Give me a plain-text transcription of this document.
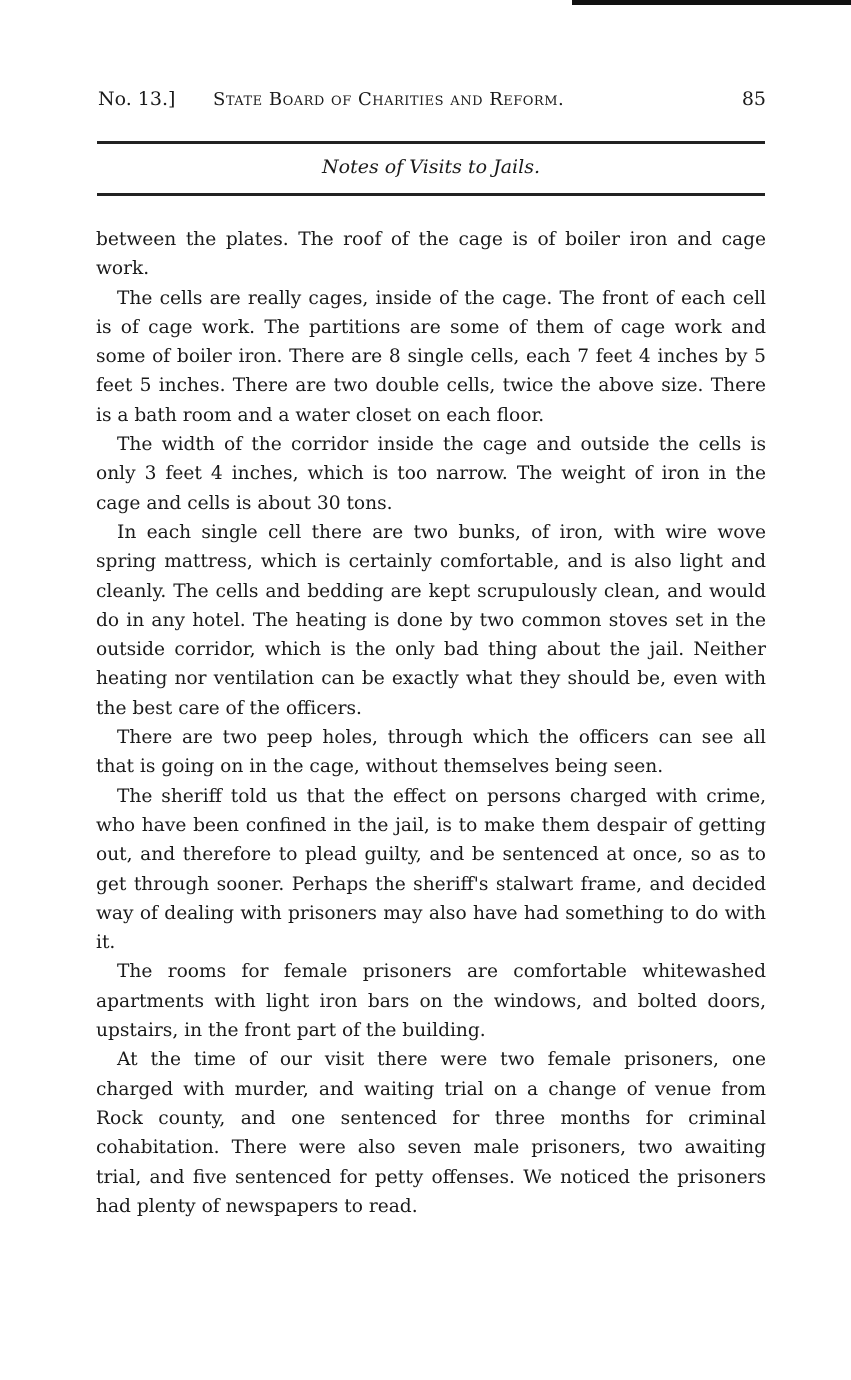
No. 13.] State Board of Charities and Reform.	85
Notes of Visits to Jails.

between the plates. The roof of the cage is of boiler iron and cage work.

The cells are really cages, inside of the cage. The front of each cell is of cage work. The partitions are some of them of cage work and some of boiler iron. There are 8 single cells, each 7 feet 4 inches by 5 feet 5 inches. There are two double cells, twice the above size. There is a bath room and a water closet on each floor.

The width of the corridor inside the cage and outside the cells is only 3 feet 4 inches, which is too narrow. The weight of iron in the cage and cells is about 30 tons.

In each single cell there are two bunks, of iron, with wire wove spring mattress, which is certainly comfortable, and is also light and cleanly. The cells and bedding are kept scrupulously clean, and would do in any hotel. The heating is done by two common stoves set in the outside corridor, which is the only bad thing about the jail. Neither heating nor ventilation can be exactly what they should be, even with the best care of the officers.

There are two peep holes, through which the officers can see all that is going on in the cage, without themselves being seen.

The sheriff told us that the effect on persons charged with crime, who have been confined in the jail, is to make them despair of getting out, and therefore to plead guilty, and be sentenced at once, so as to get through sooner. Perhaps the sheriff's stalwart frame, and decided way of dealing with prisoners may also have had something to do with it.

The rooms for female prisoners are comfortable whitewashed apartments with light iron bars on the windows, and bolted doors, upstairs, in the front part of the building.

At the time of our visit there were two female prisoners, one charged with murder, and waiting trial on a change of venue from Rock county, and one sentenced for three months for criminal cohabitation. There were also seven male prisoners, two awaiting trial, and five sentenced for petty offenses. We noticed the prisoners had plenty of newspapers to read.
